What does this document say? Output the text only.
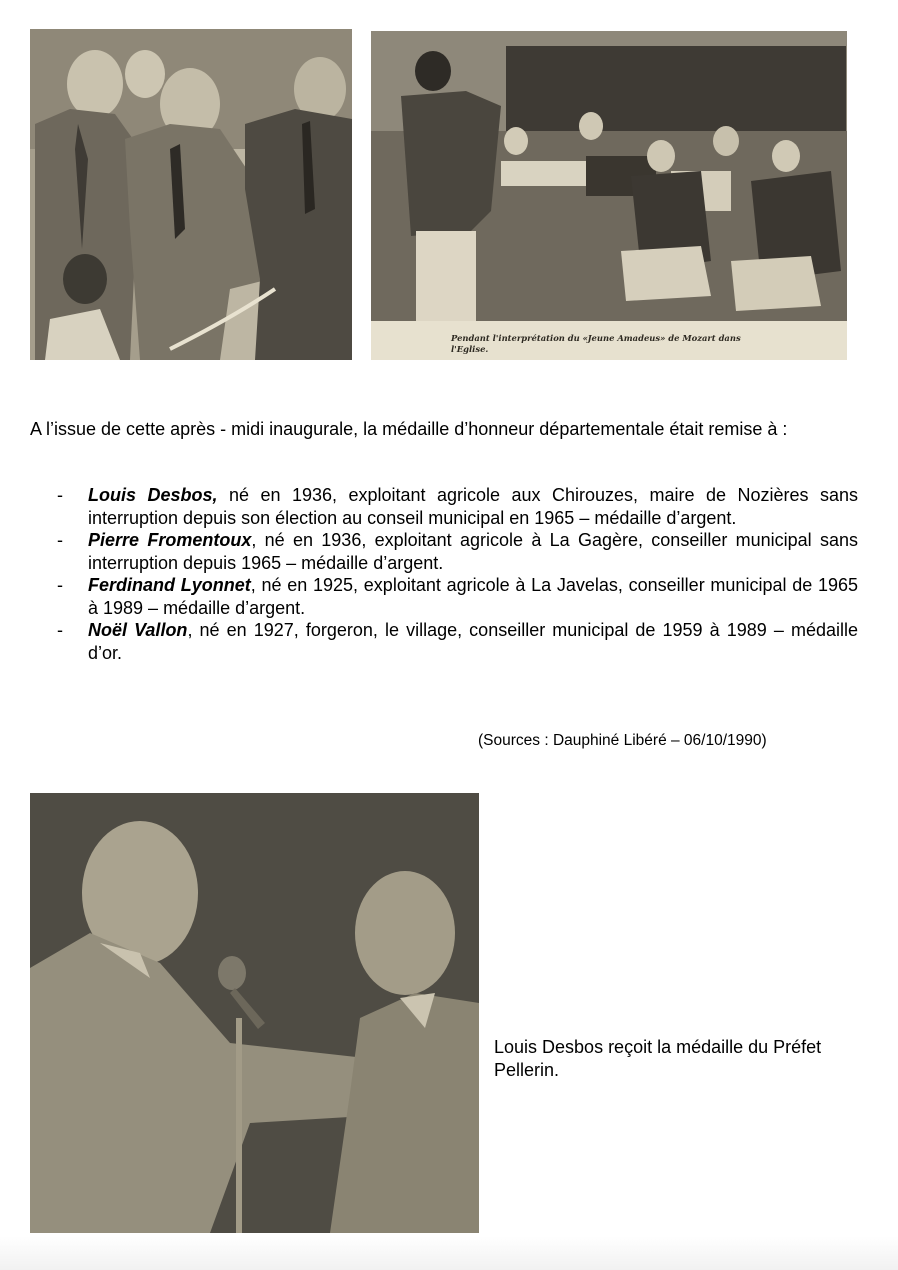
Pendant l'interprétation du «Jeune Amadeus» de Mozart dans
l'Eglise.
A l’issue de cette après - midi inaugurale, la médaille d’honneur départementale était remise à :
- Louis Desbos, né en 1936, exploitant agricole aux Chirouzes, maire de Nozières sans interruption depuis son élection au conseil municipal en 1965 – médaille d’argent.
- Pierre Fromentoux, né en 1936, exploitant agricole à La Gagère, conseiller municipal sans interruption depuis 1965 – médaille d’argent.
- Ferdinand Lyonnet, né en 1925, exploitant agricole à La Javelas, conseiller municipal de 1965 à 1989 – médaille d’argent.
- Noël Vallon, né en 1927, forgeron, le village, conseiller municipal de 1959 à 1989 – médaille d’or.
(Sources : Dauphiné Libéré – 06/10/1990)
Louis Desbos reçoit la médaille du Préfet Pellerin.
